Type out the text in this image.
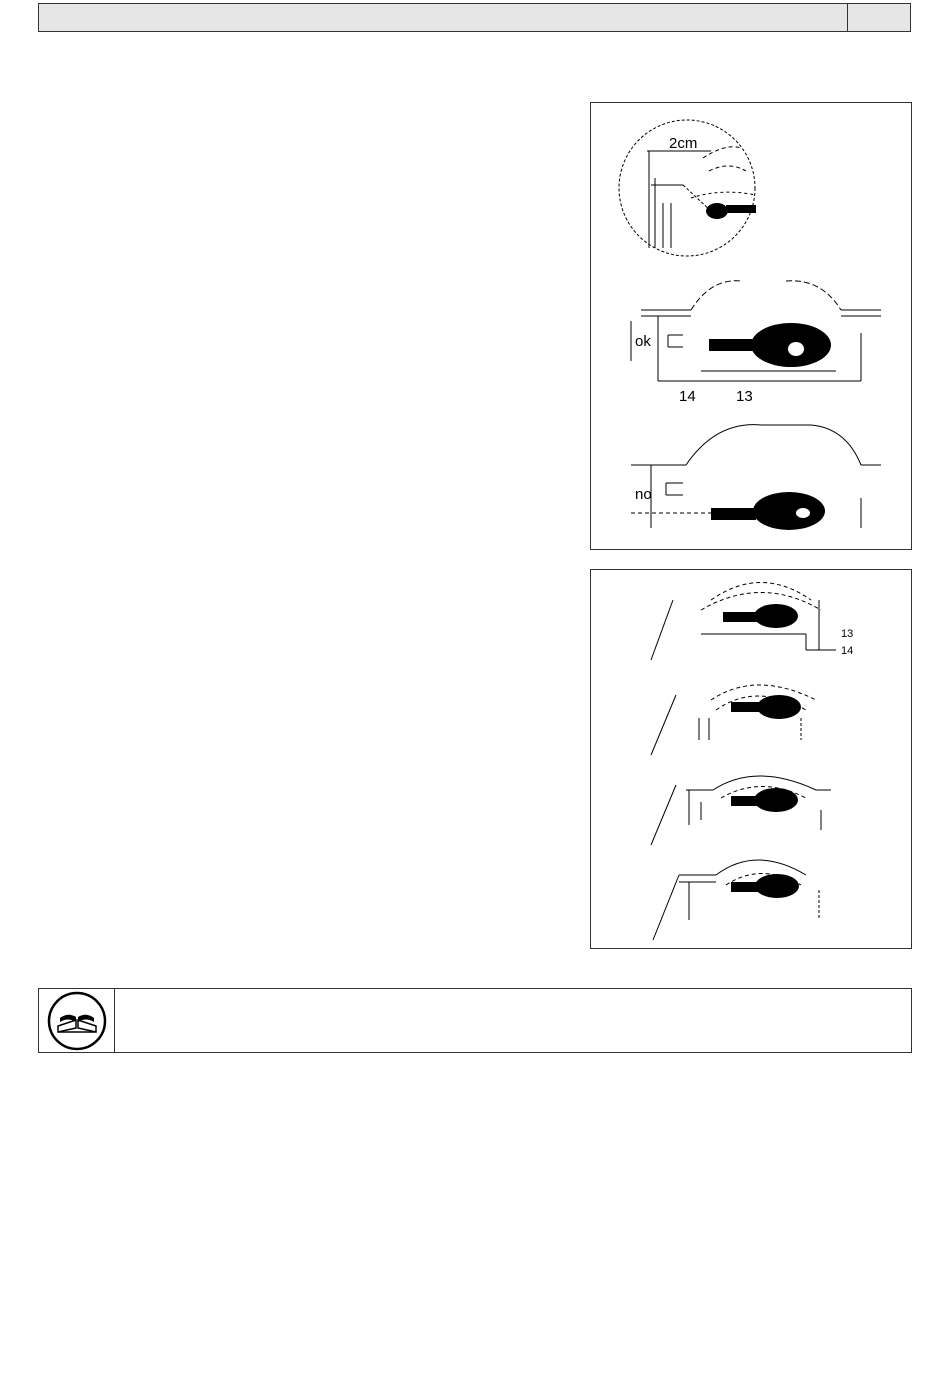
2cm
ok
14	13
no
13
14
